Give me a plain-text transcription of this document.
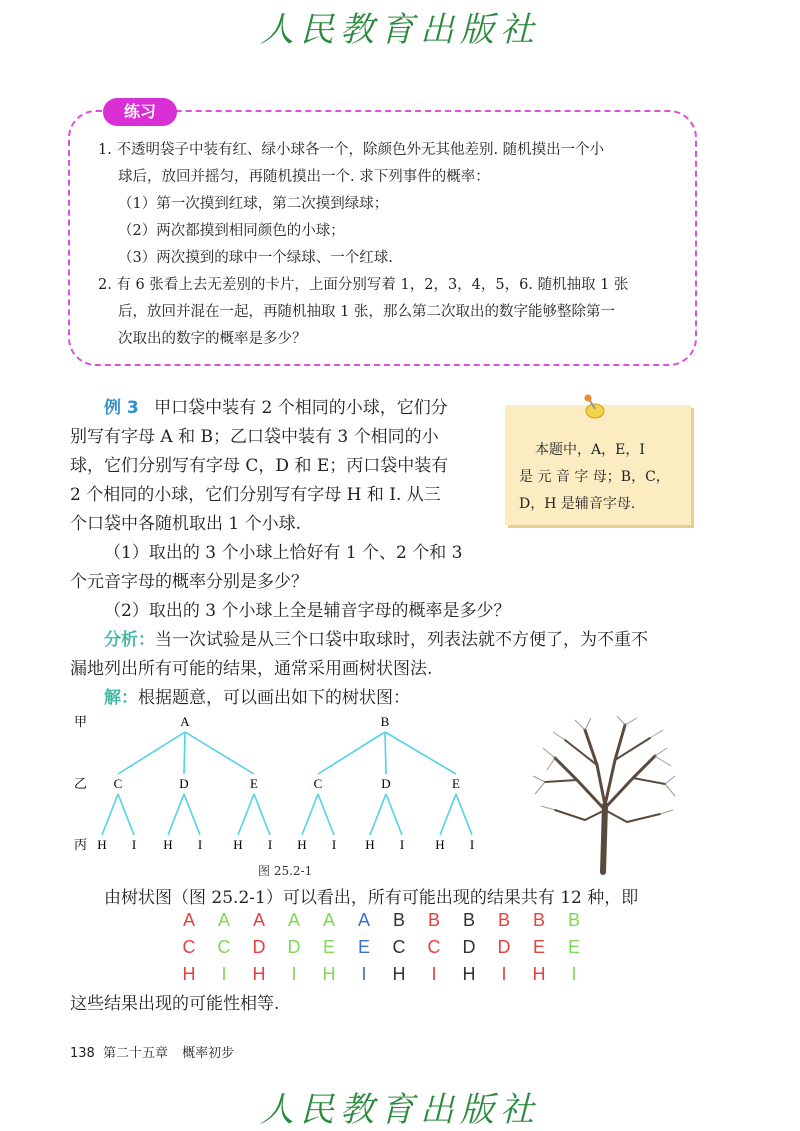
人民教育出版社
练习
1. 不透明袋子中装有红、绿小球各一个，除颜色外无其他差别. 随机摸出一个小
球后，放回并摇匀，再随机摸出一个. 求下列事件的概率：
（1）第一次摸到红球，第二次摸到绿球；
（2）两次都摸到相同颜色的小球；
（3）两次摸到的球中一个绿球、一个红球.
2. 有 6 张看上去无差别的卡片，上面分别写着 1，2，3，4，5，6. 随机抽取 1 张
后，放回并混在一起，再随机抽取 1 张，那么第二次取出的数字能够整除第一
次取出的数字的概率是多少？
例 3 甲口袋中装有 2 个相同的小球，它们分
别写有字母 A 和 B；乙口袋中装有 3 个相同的小
球，它们分别写有字母 C，D 和 E；丙口袋中装有
2 个相同的小球，它们分别写有字母 H 和 I. 从三
个口袋中各随机取出 1 个小球.
（1）取出的 3 个小球上恰好有 1 个、2 个和 3
个元音字母的概率分别是多少？
（2）取出的 3 个小球上全是辅音字母的概率是多少？
本题中，A，E，I
是 元 音 字 母；B，C，
D，H 是辅音字母.
分析：当一次试验是从三个口袋中取球时，列表法就不方便了，为不重不
漏地列出所有可能的结果，通常采用画树状图法.
解：根据题意，可以画出如下的树状图：
甲
乙
丙
A	B
C	D	E	C	D	E
H I H I H I H I H I H I
图 25.2-1
由树状图（图 25.2-1）可以看出，所有可能出现的结果共有 12 种，即
A	A	A	A	A	A	B	B	B	B	B	B
C	C	D	D	E	E	C	C	D	D	E	E
H	I	H	I	H	I	H	I	H	I	H	I
这些结果出现的可能性相等.
138 第二十五章 概率初步
人民教育出版社
